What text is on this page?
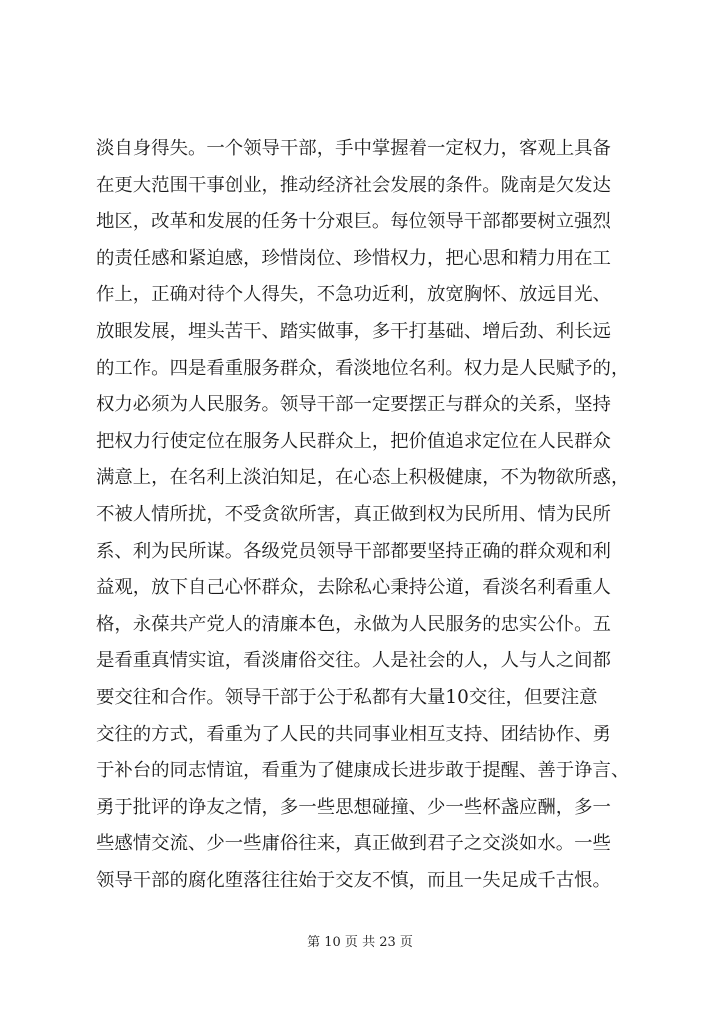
淡自身得失。一个领导干部，手中掌握着一定权力，客观上具备
在更大范围干事创业，推动经济社会发展的条件。陇南是欠发达
地区，改革和发展的任务十分艰巨。每位领导干部都要树立强烈
的责任感和紧迫感，珍惜岗位、珍惜权力，把心思和精力用在工
作上，正确对待个人得失，不急功近利，放宽胸怀、放远目光、
放眼发展，埋头苦干、踏实做事，多干打基础、增后劲、利长远
的工作。四是看重服务群众，看淡地位名利。权力是人民赋予的，
权力必须为人民服务。领导干部一定要摆正与群众的关系，坚持
把权力行使定位在服务人民群众上，把价值追求定位在人民群众
满意上，在名利上淡泊知足，在心态上积极健康，不为物欲所惑，
不被人情所扰，不受贪欲所害，真正做到权为民所用、情为民所
系、利为民所谋。各级党员领导干部都要坚持正确的群众观和利
益观，放下自己心怀群众，去除私心秉持公道，看淡名利看重人
格，永葆共产党人的清廉本色，永做为人民服务的忠实公仆。五
是看重真情实谊，看淡庸俗交往。人是社会的人，人与人之间都
要交往和合作。领导干部于公于私都有大量10交往，但要注意
交往的方式，看重为了人民的共同事业相互支持、团结协作、勇
于补台的同志情谊，看重为了健康成长进步敢于提醒、善于诤言、
勇于批评的诤友之情，多一些思想碰撞、少一些杯盏应酬，多一
些感情交流、少一些庸俗往来，真正做到君子之交淡如水。一些
领导干部的腐化堕落往往始于交友不慎，而且一失足成千古恨。
第 10 页 共 23 页
